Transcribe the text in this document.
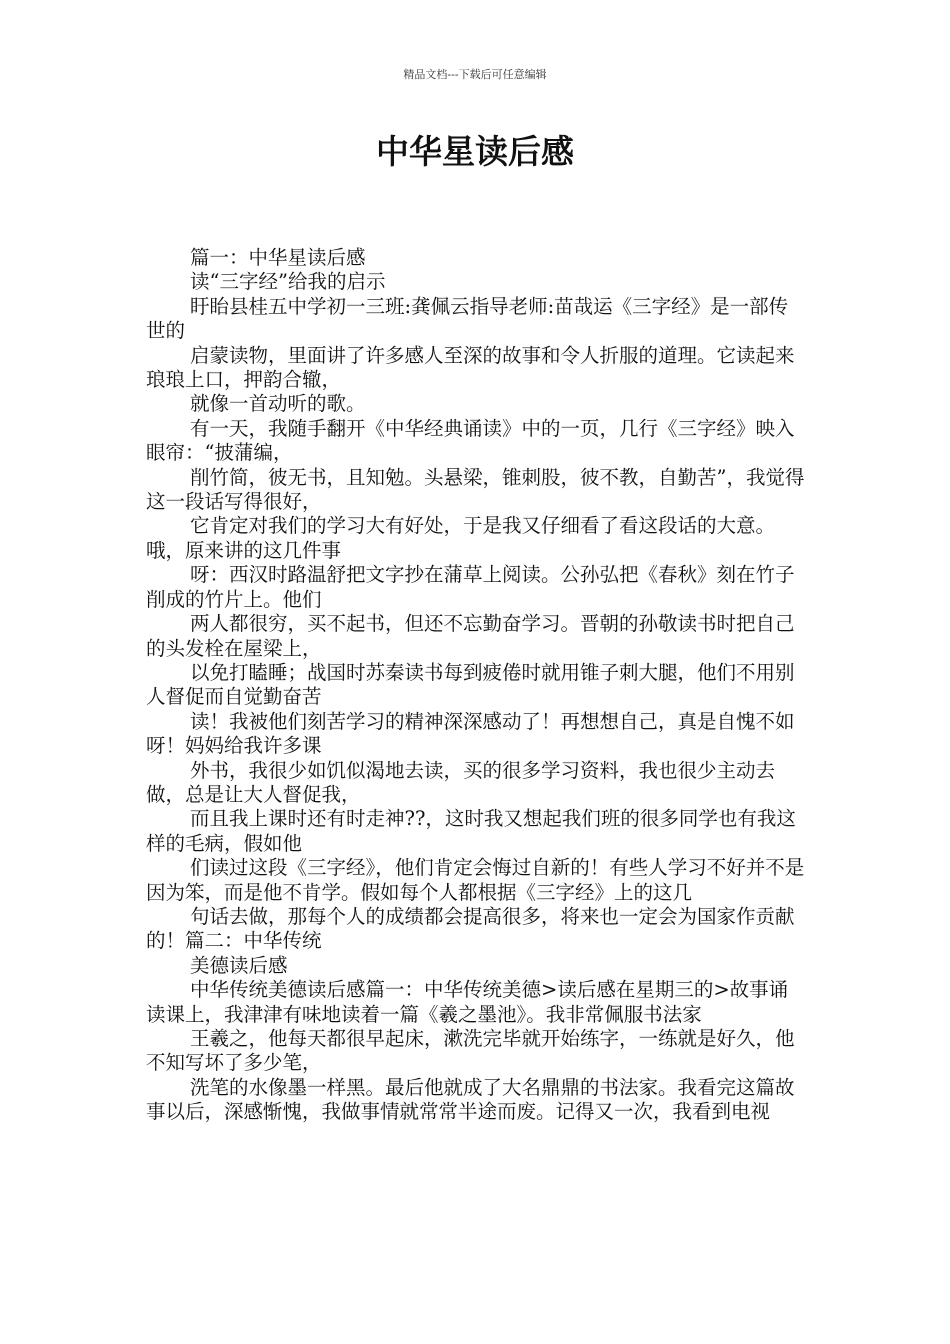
精品文档---下载后可任意编辑
中华星读后感

篇一：中华星读后感

读“三字经”给我的启示

盱眙县桂五中学初一三班:龚佩云指导老师:苗哉运《三字经》是一部传世的

启蒙读物，里面讲了许多感人至深的故事和令人折服的道理。它读起来琅琅上口，押韵合辙，

就像一首动听的歌。

有一天，我随手翻开《中华经典诵读》中的一页，几行《三字经》映入眼帘：“披蒲编，

削竹简，彼无书，且知勉。头悬梁，锥刺股，彼不教，自勤苦”，我觉得这一段话写得很好，

它肯定对我们的学习大有好处，于是我又仔细看了看这段话的大意。哦，原来讲的这几件事

呀：西汉时路温舒把文字抄在蒲草上阅读。公孙弘把《春秋》刻在竹子削成的竹片上。他们

两人都很穷，买不起书，但还不忘勤奋学习。晋朝的孙敬读书时把自己的头发栓在屋梁上，

以免打瞌睡；战国时苏秦读书每到疲倦时就用锥子刺大腿，他们不用别人督促而自觉勤奋苦

读！我被他们刻苦学习的精神深深感动了！再想想自己，真是自愧不如呀！妈妈给我许多课

外书，我很少如饥似渴地去读，买的很多学习资料，我也很少主动去做，总是让大人督促我，

而且我上课时还有时走神??，这时我又想起我们班的很多同学也有我这样的毛病，假如他

们读过这段《三字经》，他们肯定会悔过自新的！有些人学习不好并不是因为笨，而是他不肯学。假如每个人都根据《三字经》上的这几

句话去做，那每个人的成绩都会提高很多，将来也一定会为国家作贡献的！篇二：中华传统

美德读后感

中华传统美德读后感篇一：中华传统美德>读后感在星期三的>故事诵读课上，我津津有味地读着一篇《羲之墨池》。我非常佩服书法家

王羲之，他每天都很早起床，漱洗完毕就开始练字，一练就是好久，他不知写坏了多少笔，

洗笔的水像墨一样黑。最后他就成了大名鼎鼎的书法家。我看完这篇故事以后，深感惭愧，我做事情就常常半途而废。记得又一次，我看到电视
